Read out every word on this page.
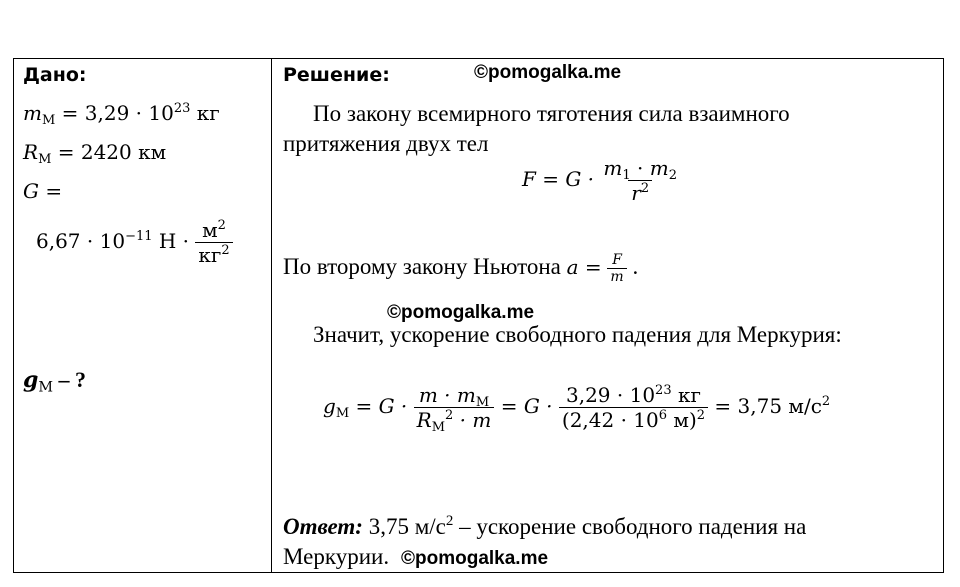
Дано:
$m_М = 3,29 \cdot 10^{23}$ кг
$R_М = 2420$ км
G =
$6,67 \cdot 10^{-11}$ $Н \cdot \frac{м^2}{кг^2}$
$g_М$ – ?
Решение:	©pomogalka.me
По закону всемирного тяготения сила взаимного
притяжения двух тел
$F = G \cdot \frac{m_1 \cdot m_2}{r^2}$
По второму закону Ньютона $a = \frac{F}{m}$ .
©pomogalka.me
Значит, ускорение свободного падения для Меркурия:
$g_М = G \cdot \frac{m \cdot m_М}{R_М^2 \cdot m} = G \cdot \frac{3,29 \cdot 10^{23} кг}{(2,42 \cdot 10^6 м)^2} = 3,75$ $м/с^2$
Ответ: 3,75 $м/с^2$ – ускорение свободного падения на
Меркурии. ©pomogalka.me
